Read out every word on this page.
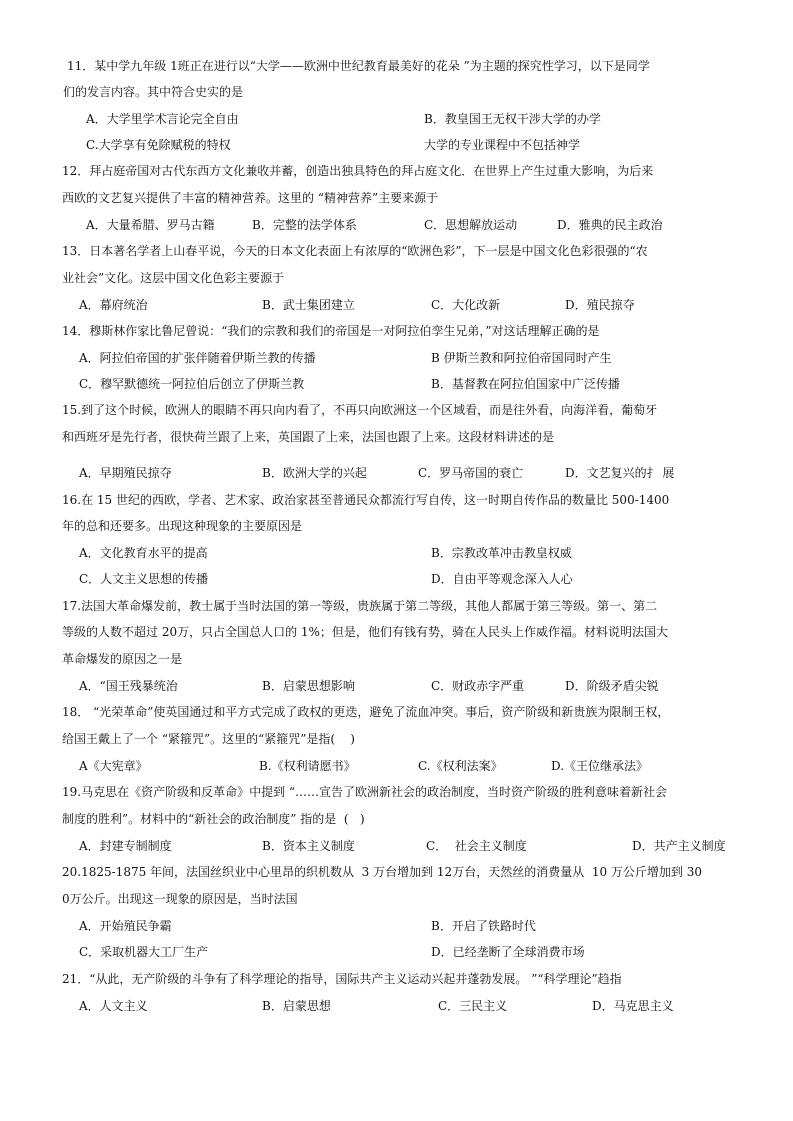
11．某中学九年级 1班正在进行以“大学——欧洲中世纪教育最美好的花朵 ”为主题的探究性学习，以下是同学
们的发言内容。其中符合史实的是
A．大学里学术言论完全自由	B．教皇国王无权干涉大学的办学
C.大学享有免除赋税的特权	大学的专业课程中不包括神学
12．拜占庭帝国对古代东西方文化兼收并蓄，创造出独具特色的拜占庭文化．在世界上产生过重大影响，为后来
西欧的文艺复兴提供了丰富的精神营养。这里的 “精神营养”主要来源于
A．大量希腊、罗马古籍	B．完整的法学体系	C．思想解放运动	D．雅典的民主政治
13．日本著名学者上山春平说，今天的日本文化表面上有浓厚的“欧洲色彩”，下一层是中国文化色彩很强的“农
业社会”文化。这层中国文化色彩主要源于
A．幕府统治	B．武士集团建立	C．大化改新	D．殖民掠夺
14．穆斯林作家比鲁尼曾说：“我们的宗教和我们的帝国是一对阿拉伯孪生兄弟，”对这话理解正确的是
A．阿拉伯帝国的扩张伴随着伊斯兰教的传播	B 伊斯兰教和阿拉伯帝国同时产生
C．穆罕默德统一阿拉伯后创立了伊斯兰教	B．基督教在阿拉伯国家中广泛传播
15.到了这个时候，欧洲人的眼睛不再只向内看了，不再只向欧洲这一个区域看，而是往外看，向海洋看，葡萄牙
和西班牙是先行者，很快荷兰跟了上来，英国跟了上来，法国也跟了上来。这段材料讲述的是
A．早期殖民掠夺	B．欧洲大学的兴起	C．罗马帝国的衰亡	D．文艺复兴的扌 展
16.在 15 世纪的西欧，学者、艺术家、政治家甚至普通民众都流行写自传，这一时期自传作品的数量比 500-1400
年的总和还要多。出现这种现象的主要原因是
A．文化教育水平的提高	B．宗教改革冲击教皇权威
C．人文主义思想的传播	D．自由平等观念深入人心
17.法国大革命爆发前，教士属于当时法国的第一等级，贵族属于第二等级，其他人都属于第三等级。第一、第二
等级的人数不超过 20万，只占全国总人口的 1%；但是，他们有钱有势，骑在人民头上作威作福。材料说明法国大
革命爆发的原因之一是
A．“国王残暴统治	B．启蒙思想影响	C．财政赤字严重	D．阶级矛盾尖锐
18． “光荣革命”使英国通过和平方式完成了政权的更迭，避免了流血冲突。事后，资产阶级和新贵族为限制王权，
给国王戴上了一个 “紧箍咒”。这里的“紧箍咒”是指(    )
A《大宪章》	B.《权利请愿书》	C.《权利法案》	D.《王位继承法》
19.马克思在《资产阶级和反革命》中提到 “……宣告了欧洲新社会的政治制度，当时资产阶级的胜利意味着新社会
制度的胜利”。材料中的“新社会的政治制度” 指的是  (   )
A．封建专制制度	B．资本主义制度	C．  社会主义制度	D．共产主义制度
20.1825-1875 年间，法国丝织业中心里昂的织机数从  3 万台增加到 12万台，天然丝的消费量从  10 万公斤增加到 30
0万公斤。出现这一现象的原因是，当时法国
A．开始殖民争霸	B．开启了铁路时代
C．采取机器大工厂生产	D．已经垄断了全球消费市场
21．“从此，无产阶级的斗争有了科学理论的指导，国际共产主义运动兴起并蓬勃发展。 ”“科学理论”趋指
A．人文主义	B．启蒙思想	C．三民主义	D．马克思主义
